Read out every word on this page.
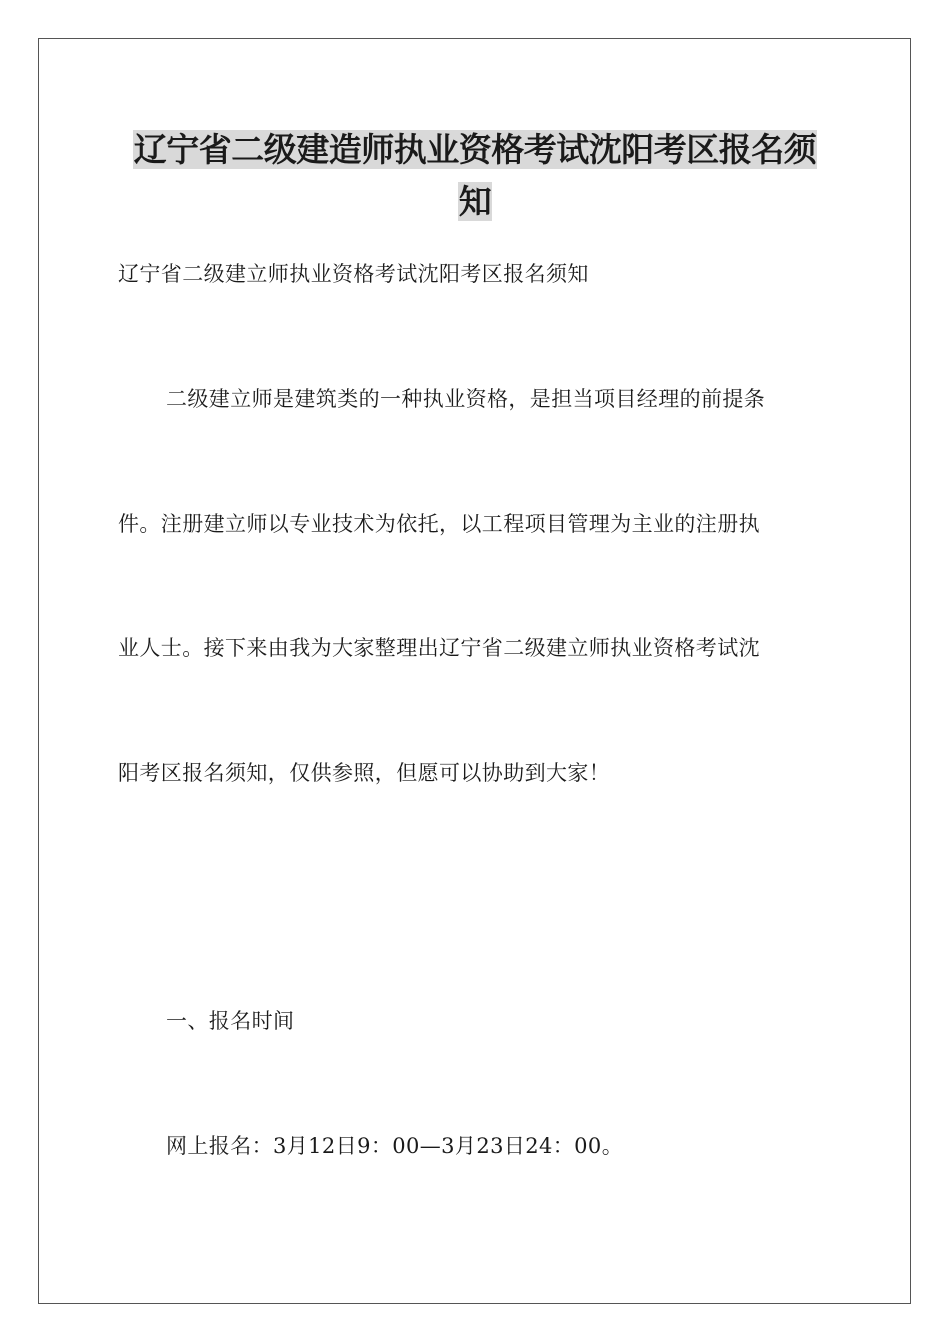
辽宁省二级建造师执业资格考试沈阳考区报名须知

辽宁省二级建立师执业资格考试沈阳考区报名须知

二级建立师是建筑类的一种执业资格，是担当项目经理的前提条

件。注册建立师以专业技术为依托，以工程项目管理为主业的注册执

业人士。接下来由我为大家整理出辽宁省二级建立师执业资格考试沈

阳考区报名须知，仅供参照，但愿可以协助到大家！

一、报名时间

网上报名：3月12日9：00—3月23日24：00。
